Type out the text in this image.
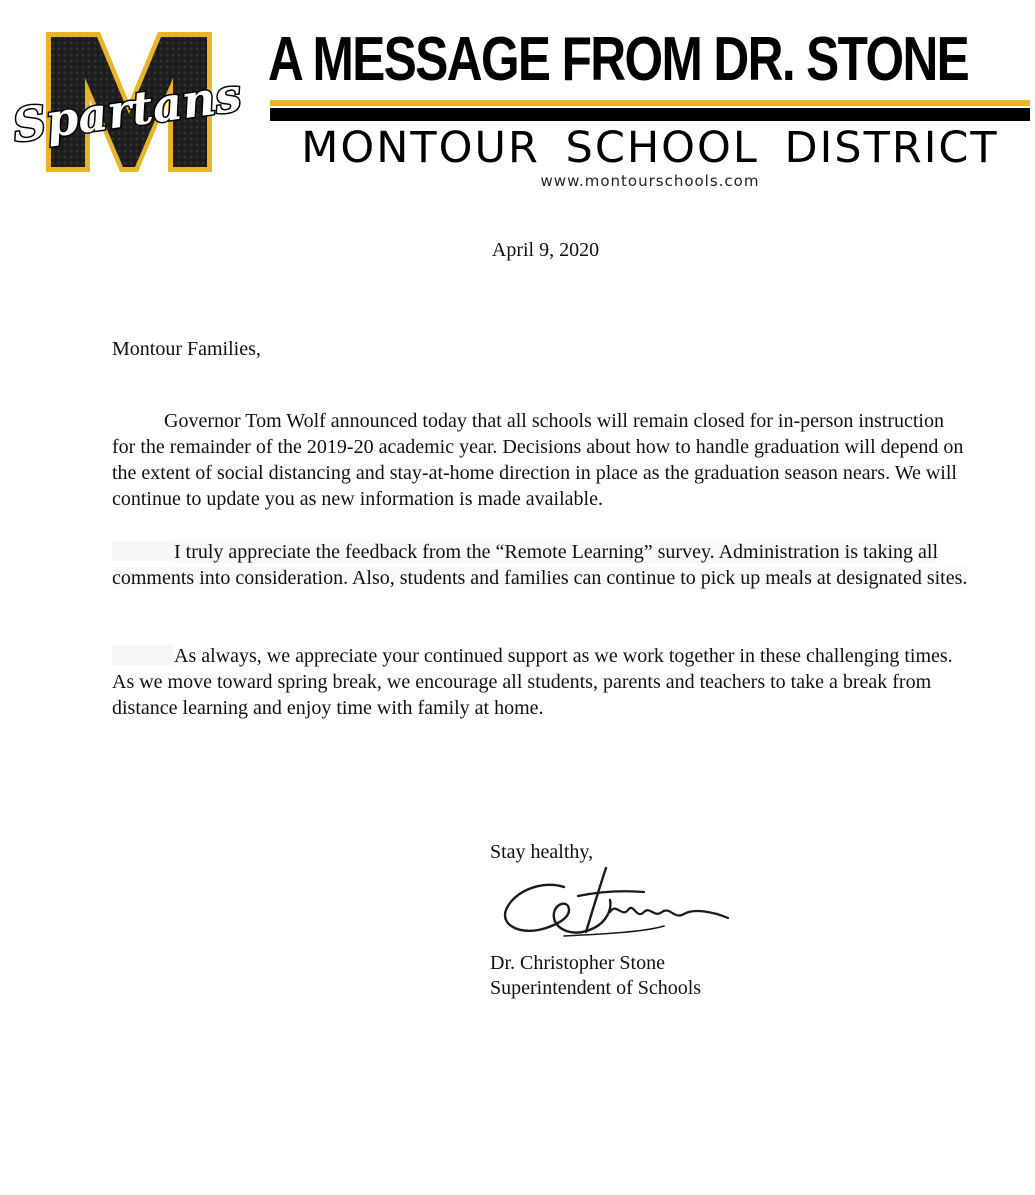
Spartans
A MESSAGE FROM DR. STONE
MONTOUR SCHOOL DISTRICT
www.montourschools.com
April 9, 2020
Montour Families,
Governor Tom Wolf announced today that all schools will remain closed for in-person instruction for the remainder of the 2019-20 academic year. Decisions about how to handle graduation will depend on the extent of social distancing and stay-at-home direction in place as the graduation season nears. We will continue to update you as new information is made available.
I truly appreciate the feedback from the “Remote Learning” survey. Administration is taking all comments into consideration. Also, students and families can continue to pick up meals at designated sites.
As always, we appreciate your continued support as we work together in these challenging times. As we move toward spring break, we encourage all students, parents and teachers to take a break from distance learning and enjoy time with family at home.
Stay healthy,
Dr. Christopher Stone
Superintendent of Schools
